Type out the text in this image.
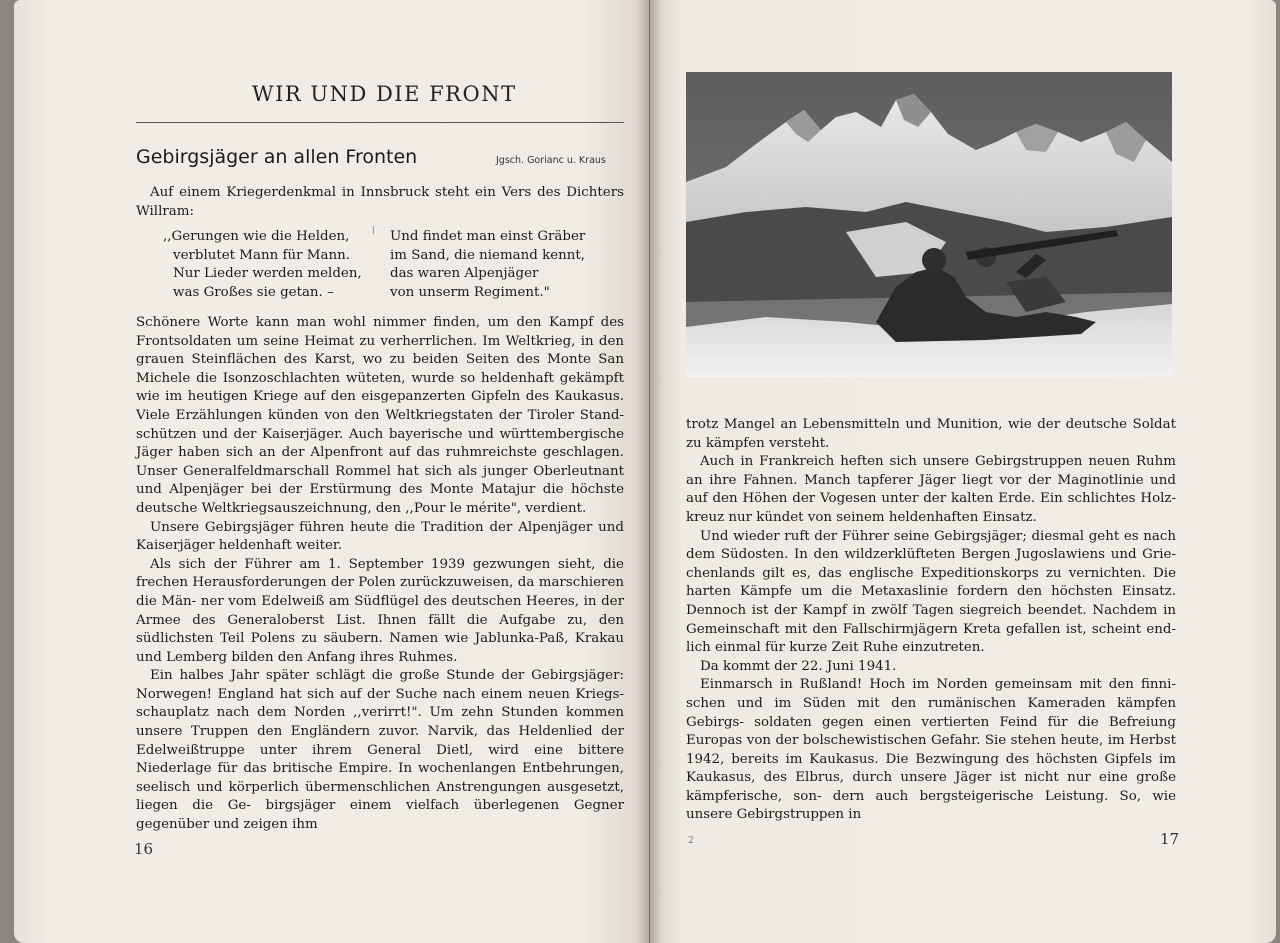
WIR UND DIE FRONT
Gebirgsjäger an allen Fronten	Jgsch. Gorianc u. Kraus
Auf einem Kriegerdenkmal in Innsbruck steht ein Vers des Dichters Willram:
,,Gerungen wie die Helden,
verblutet Mann für Mann.
Nur Lieder werden melden,
was Großes sie getan. –
Und findet man einst Gräber
im Sand, die niemand kennt,
das waren Alpenjäger
von unserm Regiment."
Schönere Worte kann man wohl nimmer finden, um den Kampf des Frontsoldaten um seine Heimat zu verherrlichen. Im Weltkrieg, in den grauen Steinflächen des Karst, wo zu beiden Seiten des Monte San Michele die Isonzoschlachten wüteten, wurde so heldenhaft gekämpft wie im heutigen Kriege auf den eisgepanzerten Gipfeln des Kaukasus. Viele Erzählungen künden von den Weltkriegstaten der Tiroler Stand- schützen und der Kaiserjäger. Auch bayerische und württembergische Jäger haben sich an der Alpenfront auf das ruhmreichste geschlagen. Unser Generalfeldmarschall Rommel hat sich als junger Oberleutnant und Alpenjäger bei der Erstürmung des Monte Matajur die höchste deutsche Weltkriegsauszeichnung, den ,,Pour le mérite", verdient.
Unsere Gebirgsjäger führen heute die Tradition der Alpenjäger und Kaiserjäger heldenhaft weiter.
Als sich der Führer am 1. September 1939 gezwungen sieht, die frechen Herausforderungen der Polen zurückzuweisen, da marschieren die Män- ner vom Edelweiß am Südflügel des deutschen Heeres, in der Armee des Generaloberst List. Ihnen fällt die Aufgabe zu, den südlichsten Teil Polens zu säubern. Namen wie Jablunka-Paß, Krakau und Lemberg bilden den Anfang ihres Ruhmes.
Ein halbes Jahr später schlägt die große Stunde der Gebirgsjäger: Norwegen! England hat sich auf der Suche nach einem neuen Kriegs- schauplatz nach dem Norden ,,verirrt!". Um zehn Stunden kommen unsere Truppen den Engländern zuvor. Narvik, das Heldenlied der Edelweißtruppe unter ihrem General Dietl, wird eine bittere Niederlage für das britische Empire. In wochenlangen Entbehrungen, seelisch und körperlich übermenschlichen Anstrengungen ausgesetzt, liegen die Ge- birgsjäger einem vielfach überlegenen Gegner gegenüber und zeigen ihm
16
trotz Mangel an Lebensmitteln und Munition, wie der deutsche Soldat zu kämpfen versteht.
Auch in Frankreich heften sich unsere Gebirgstruppen neuen Ruhm an ihre Fahnen. Manch tapferer Jäger liegt vor der Maginotlinie und auf den Höhen der Vogesen unter der kalten Erde. Ein schlichtes Holz- kreuz nur kündet von seinem heldenhaften Einsatz.
Und wieder ruft der Führer seine Gebirgsjäger; diesmal geht es nach dem Südosten. In den wildzerklüfteten Bergen Jugoslawiens und Grie- chenlands gilt es, das englische Expeditionskorps zu vernichten. Die harten Kämpfe um die Metaxaslinie fordern den höchsten Einsatz. Dennoch ist der Kampf in zwölf Tagen siegreich beendet. Nachdem in Gemeinschaft mit den Fallschirmjägern Kreta gefallen ist, scheint end- lich einmal für kurze Zeit Ruhe einzutreten.
Da kommt der 22. Juni 1941.
Einmarsch in Rußland! Hoch im Norden gemeinsam mit den finni- schen und im Süden mit den rumänischen Kameraden kämpfen Gebirgs- soldaten gegen einen vertierten Feind für die Befreiung Europas von der bolschewistischen Gefahr. Sie stehen heute, im Herbst 1942, bereits im Kaukasus. Die Bezwingung des höchsten Gipfels im Kaukasus, des Elbrus, durch unsere Jäger ist nicht nur eine große kämpferische, son- dern auch bergsteigerische Leistung. So, wie unsere Gebirgstruppen in
2	17
